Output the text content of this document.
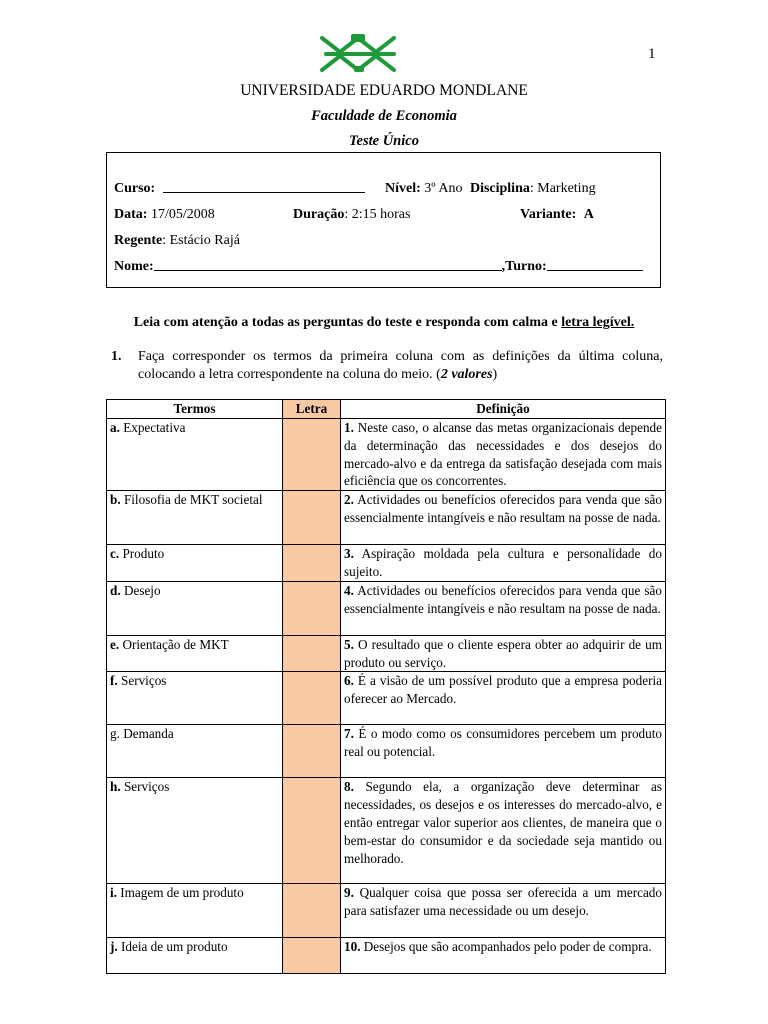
1
UNIVERSIDADE EDUARDO MONDLANE
Faculdade de Economia
Teste Único
Curso:	Nível: 3º Ano Disciplina: Marketing
Data: 17/05/2008	Duração: 2:15 horas	Variante: A
Regente: Estácio Rajá
Nome:	,Turno:
Leia com atenção a todas as perguntas do teste e responda com calma e letra legível.
1. Faça corresponder os termos da primeira coluna com as definições da última coluna, colocando a letra correspondente na coluna do meio. (2 valores)
Termos	Letra	Definição
a. Expectativa		1. Neste caso, o alcanse das metas organizacionais depende da determinação das necessidades e dos desejos do mercado-alvo e da entrega da satisfação desejada com mais eficiência que os concorrentes.
b. Filosofia de MKT societal		2. Actividades ou benefícios oferecidos para venda que são essencialmente intangíveis e não resultam na posse de nada.
c. Produto		3. Aspiração moldada pela cultura e personalidade do sujeito.
d. Desejo		4. Actividades ou benefícios oferecidos para venda que são essencialmente intangíveis e não resultam na posse de nada.
e. Orientação de MKT		5. O resultado que o cliente espera obter ao adquirir de um produto ou serviço.
f. Serviços		6. É a visão de um possível produto que a empresa poderia oferecer ao Mercado.
g. Demanda		7. É o modo como os consumidores percebem um produto real ou potencial.
h. Serviços		8. Segundo ela, a organização deve determinar as necessidades, os desejos e os interesses do mercado-alvo, e então entregar valor superior aos clientes, de maneira que o bem-estar do consumidor e da sociedade seja mantido ou melhorado.
i. Imagem de um produto		9. Qualquer coisa que possa ser oferecida a um mercado para satisfazer uma necessidade ou um desejo.
j. Ideia de um produto		10. Desejos que são acompanhados pelo poder de compra.
